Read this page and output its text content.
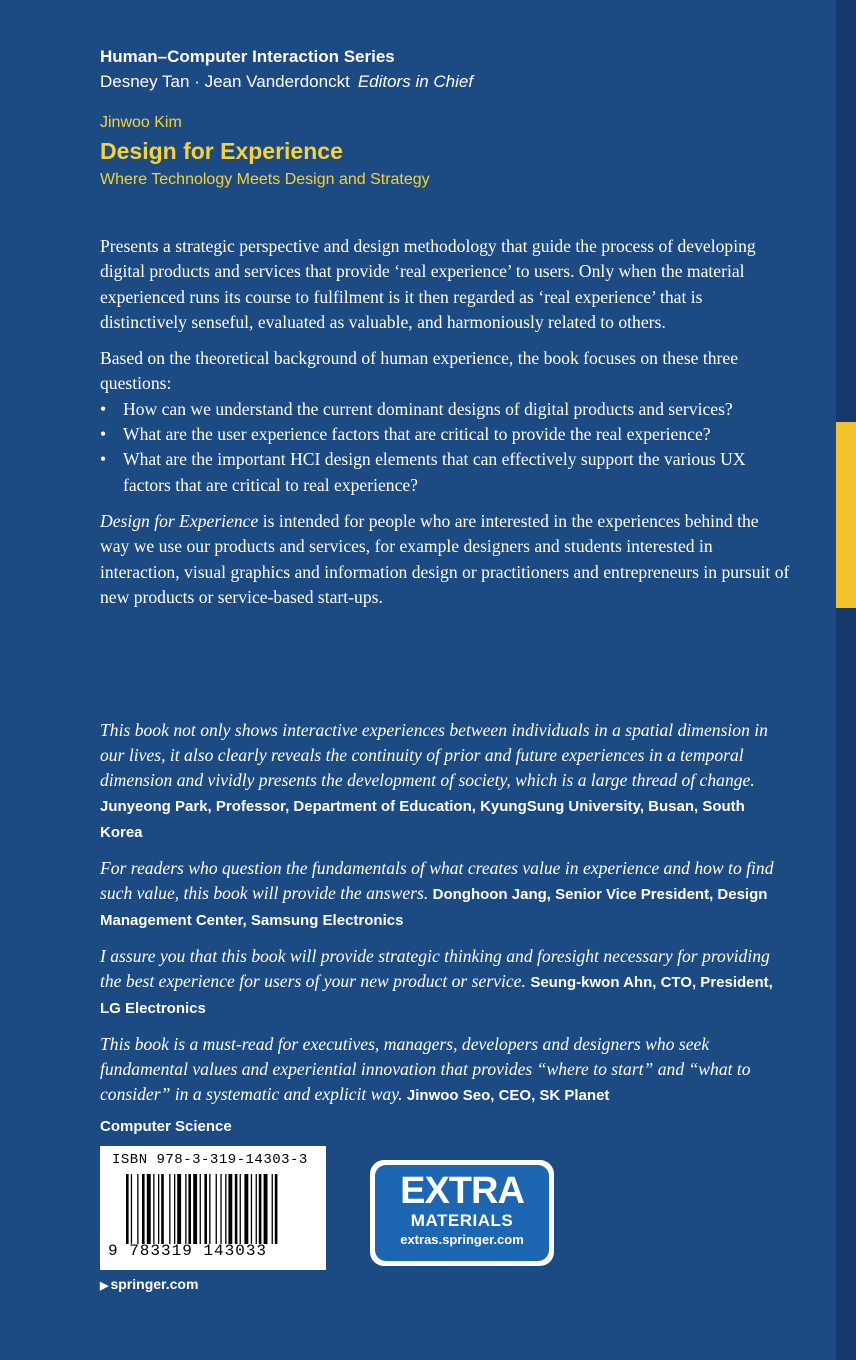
Human–Computer Interaction Series
Desney Tan · Jean Vanderdonckt Editors in Chief
Jinwoo Kim
Design for Experience
Where Technology Meets Design and Strategy

Presents a strategic perspective and design methodology that guide the process of developing digital products and services that provide ‘real experience’ to users. Only when the material experienced runs its course to fulfilment is it then regarded as ‘real experience’ that is distinctively senseful, evaluated as valuable, and harmoniously related to others.

Based on the theoretical background of human experience, the book focuses on these three questions:

• How can we understand the current dominant designs of digital products and services?
• What are the user experience factors that are critical to provide the real experience?
• What are the important HCI design elements that can effectively support the various UX factors that are critical to real experience?

Design for Experience is intended for people who are interested in the experiences behind the way we use our products and services, for example designers and students interested in interaction, visual graphics and information design or practitioners and entrepreneurs in pursuit of new products or service-based start-ups.

This book not only shows interactive experiences between individuals in a spatial dimension in our lives, it also clearly reveals the continuity of prior and future experiences in a temporal dimension and vividly presents the development of society, which is a large thread of change. Junyeong Park, Professor, Department of Education, KyungSung University, Busan, South Korea

For readers who question the fundamentals of what creates value in experience and how to find such value, this book will provide the answers. Donghoon Jang, Senior Vice President, Design Management Center, Samsung Electronics

I assure you that this book will provide strategic thinking and foresight necessary for providing the best experience for users of your new product or service. Seung-kwon Ahn, CTO, President, LG Electronics

This book is a must-read for executives, managers, developers and designers who seek fundamental values and experiential innovation that provides “where to start” and “what to consider” in a systematic and explicit way. Jinwoo Seo, CEO, SK Planet

Computer Science
ISBN 978-3-319-14303-3
9 783319 143033
EXTRA
MATERIALS
extras.springer.com
▶ springer.com
